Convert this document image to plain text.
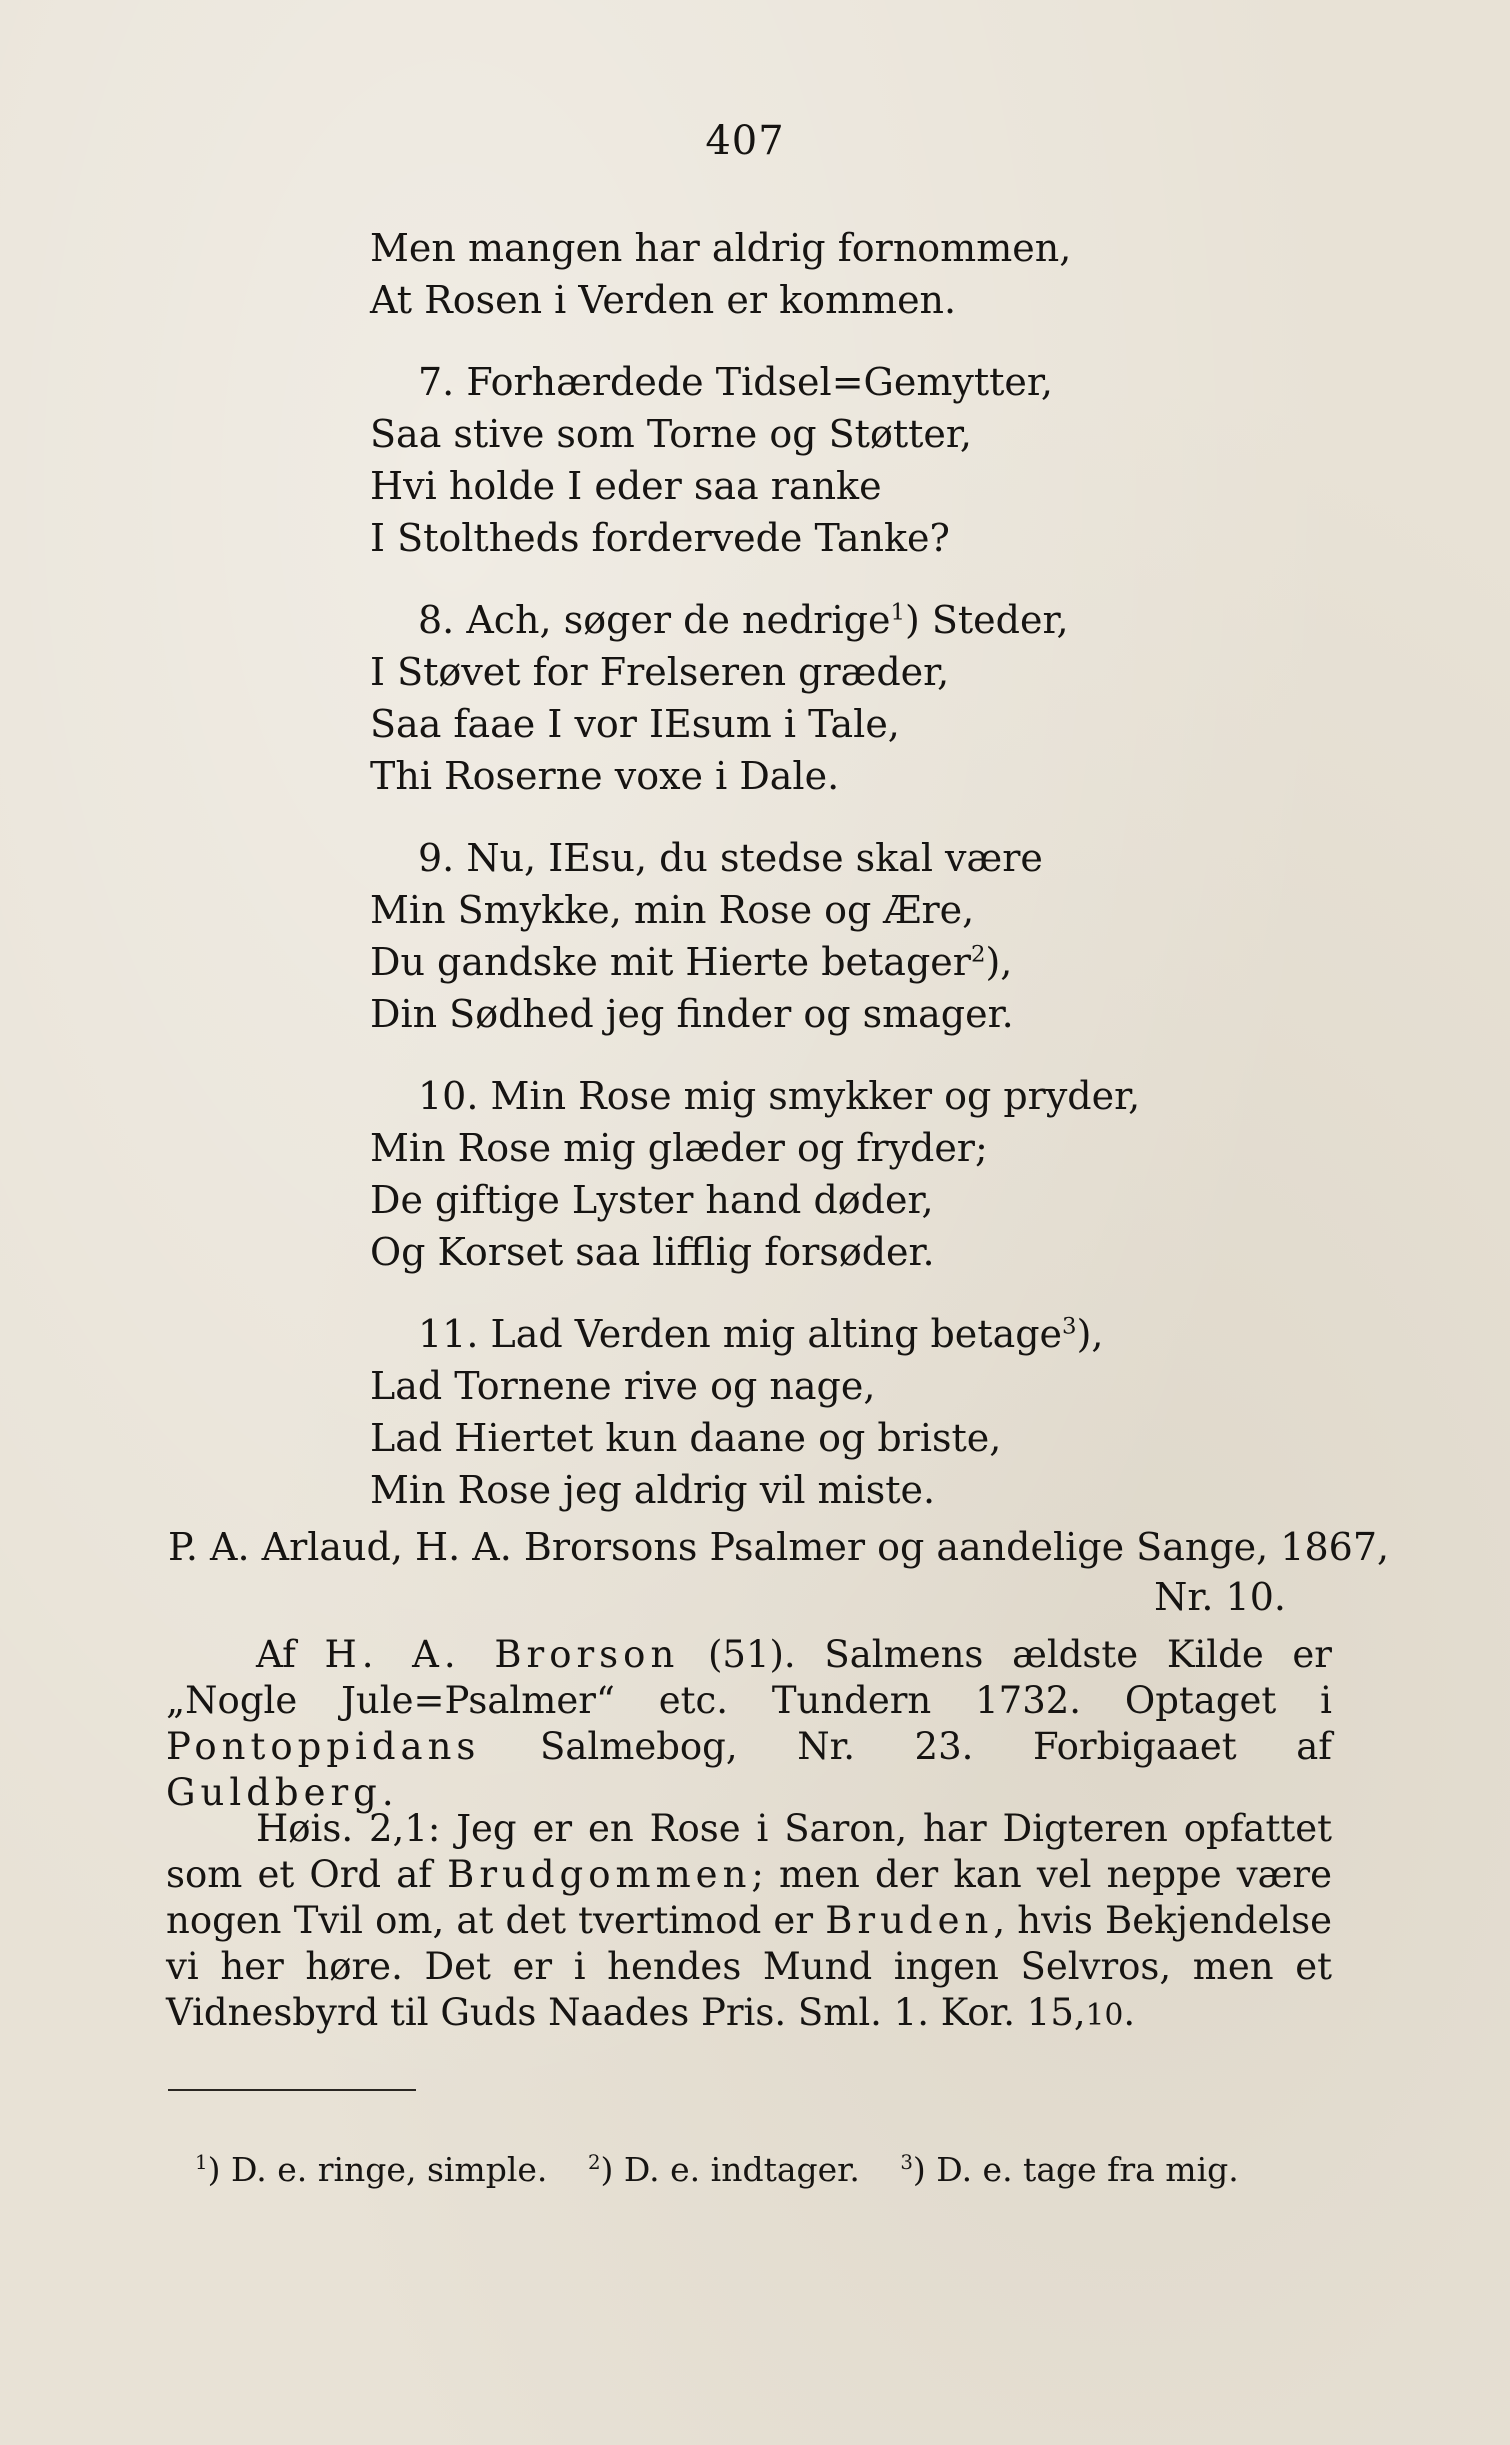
407
Men mangen har aldrig fornommen,
At Rosen i Verden er kommen.
7. Forhærdede Tidsel=Gemytter,
Saa stive som Torne og Støtter,
Hvi holde I eder saa ranke
I Stoltheds fordervede Tanke?
8. Ach, søger de nedrige$^1$) Steder,
I Støvet for Frelseren græder,
Saa faae I vor IEsum i Tale,
Thi Roserne voxe i Dale.
9. Nu, IEsu, du stedse skal være
Min Smykke, min Rose og Ære,
Du gandske mit Hierte betager$^2$),
Din Sødhed jeg finder og smager.
10. Min Rose mig smykker og pryder,
Min Rose mig glæder og fryder;
De giftige Lyster hand døder,
Og Korset saa lifflig forsøder.
11. Lad Verden mig alting betage$^3$),
Lad Tornene rive og nage,
Lad Hiertet kun daane og briste,
Min Rose jeg aldrig vil miste.
P. A. Arlaud, H. A. Brorsons Psalmer og aandelige Sange, 1867,
Nr. 10.
Af H. A. Brorson (51). Salmens ældste Kilde er „Nogle Jule=Psalmer“ etc. Tundern 1732. Optaget i Pontoppidans Salmebog, Nr. 23. Forbigaaet af Guldberg.
Høis. 2,1: Jeg er en Rose i Saron, har Digteren opfattet som et Ord af Brudgommen; men der kan vel neppe være nogen Tvil om, at det tvertimod er Bruden, hvis Bekjendelse vi her høre. Det er i hendes Mund ingen Selvros, men et Vidnesbyrd til Guds Naades Pris. Sml. 1. Kor. 15,10.
$^1$) D. e. ringe, simple. $^2$) D. e. indtager. $^3$) D. e. tage fra mig.
